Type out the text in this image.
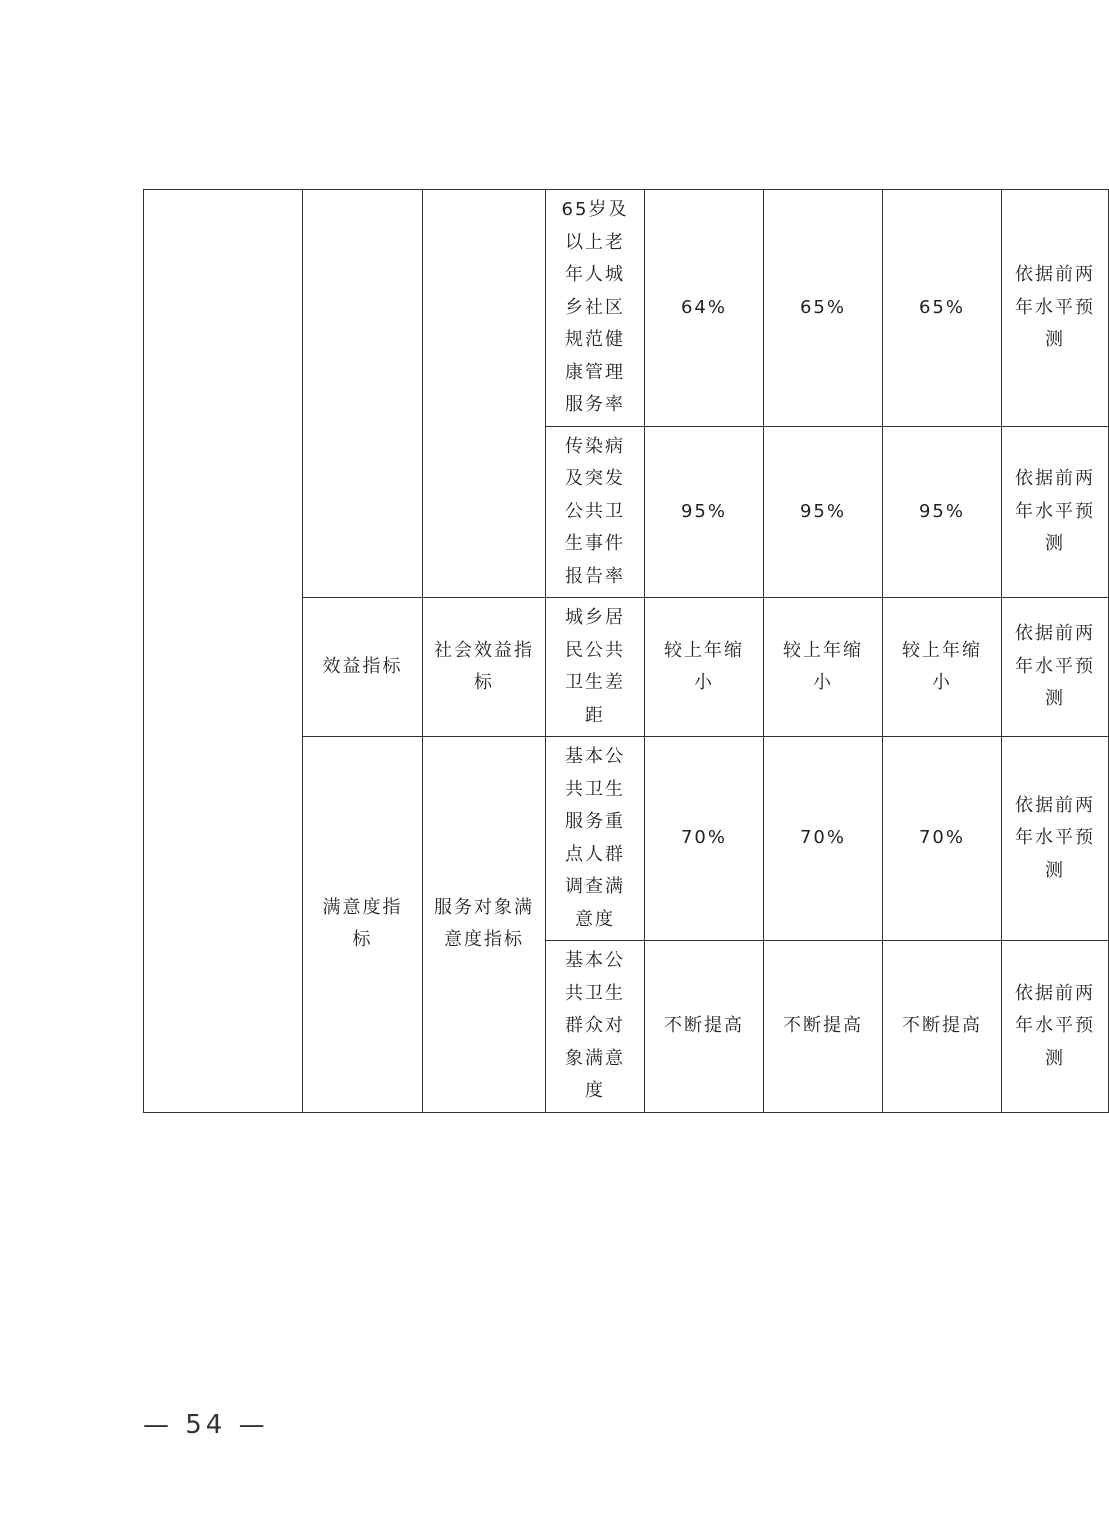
			65岁及以上老年人城乡社区规范健康管理服务率	64%	65%	65%	依据前两年水平预测
			传染病及突发公共卫生事件报告率	95%	95%	95%	依据前两年水平预测
	效益指标	社会效益指标	城乡居民公共卫生差距	较上年缩小	较上年缩小	较上年缩小	依据前两年水平预测
	满意度指标	服务对象满意度指标	基本公共卫生服务重点人群调查满意度	70%	70%	70%	依据前两年水平预测
			基本公共卫生群众对象满意度	不断提高	不断提高	不断提高	依据前两年水平预测
— 54 —
